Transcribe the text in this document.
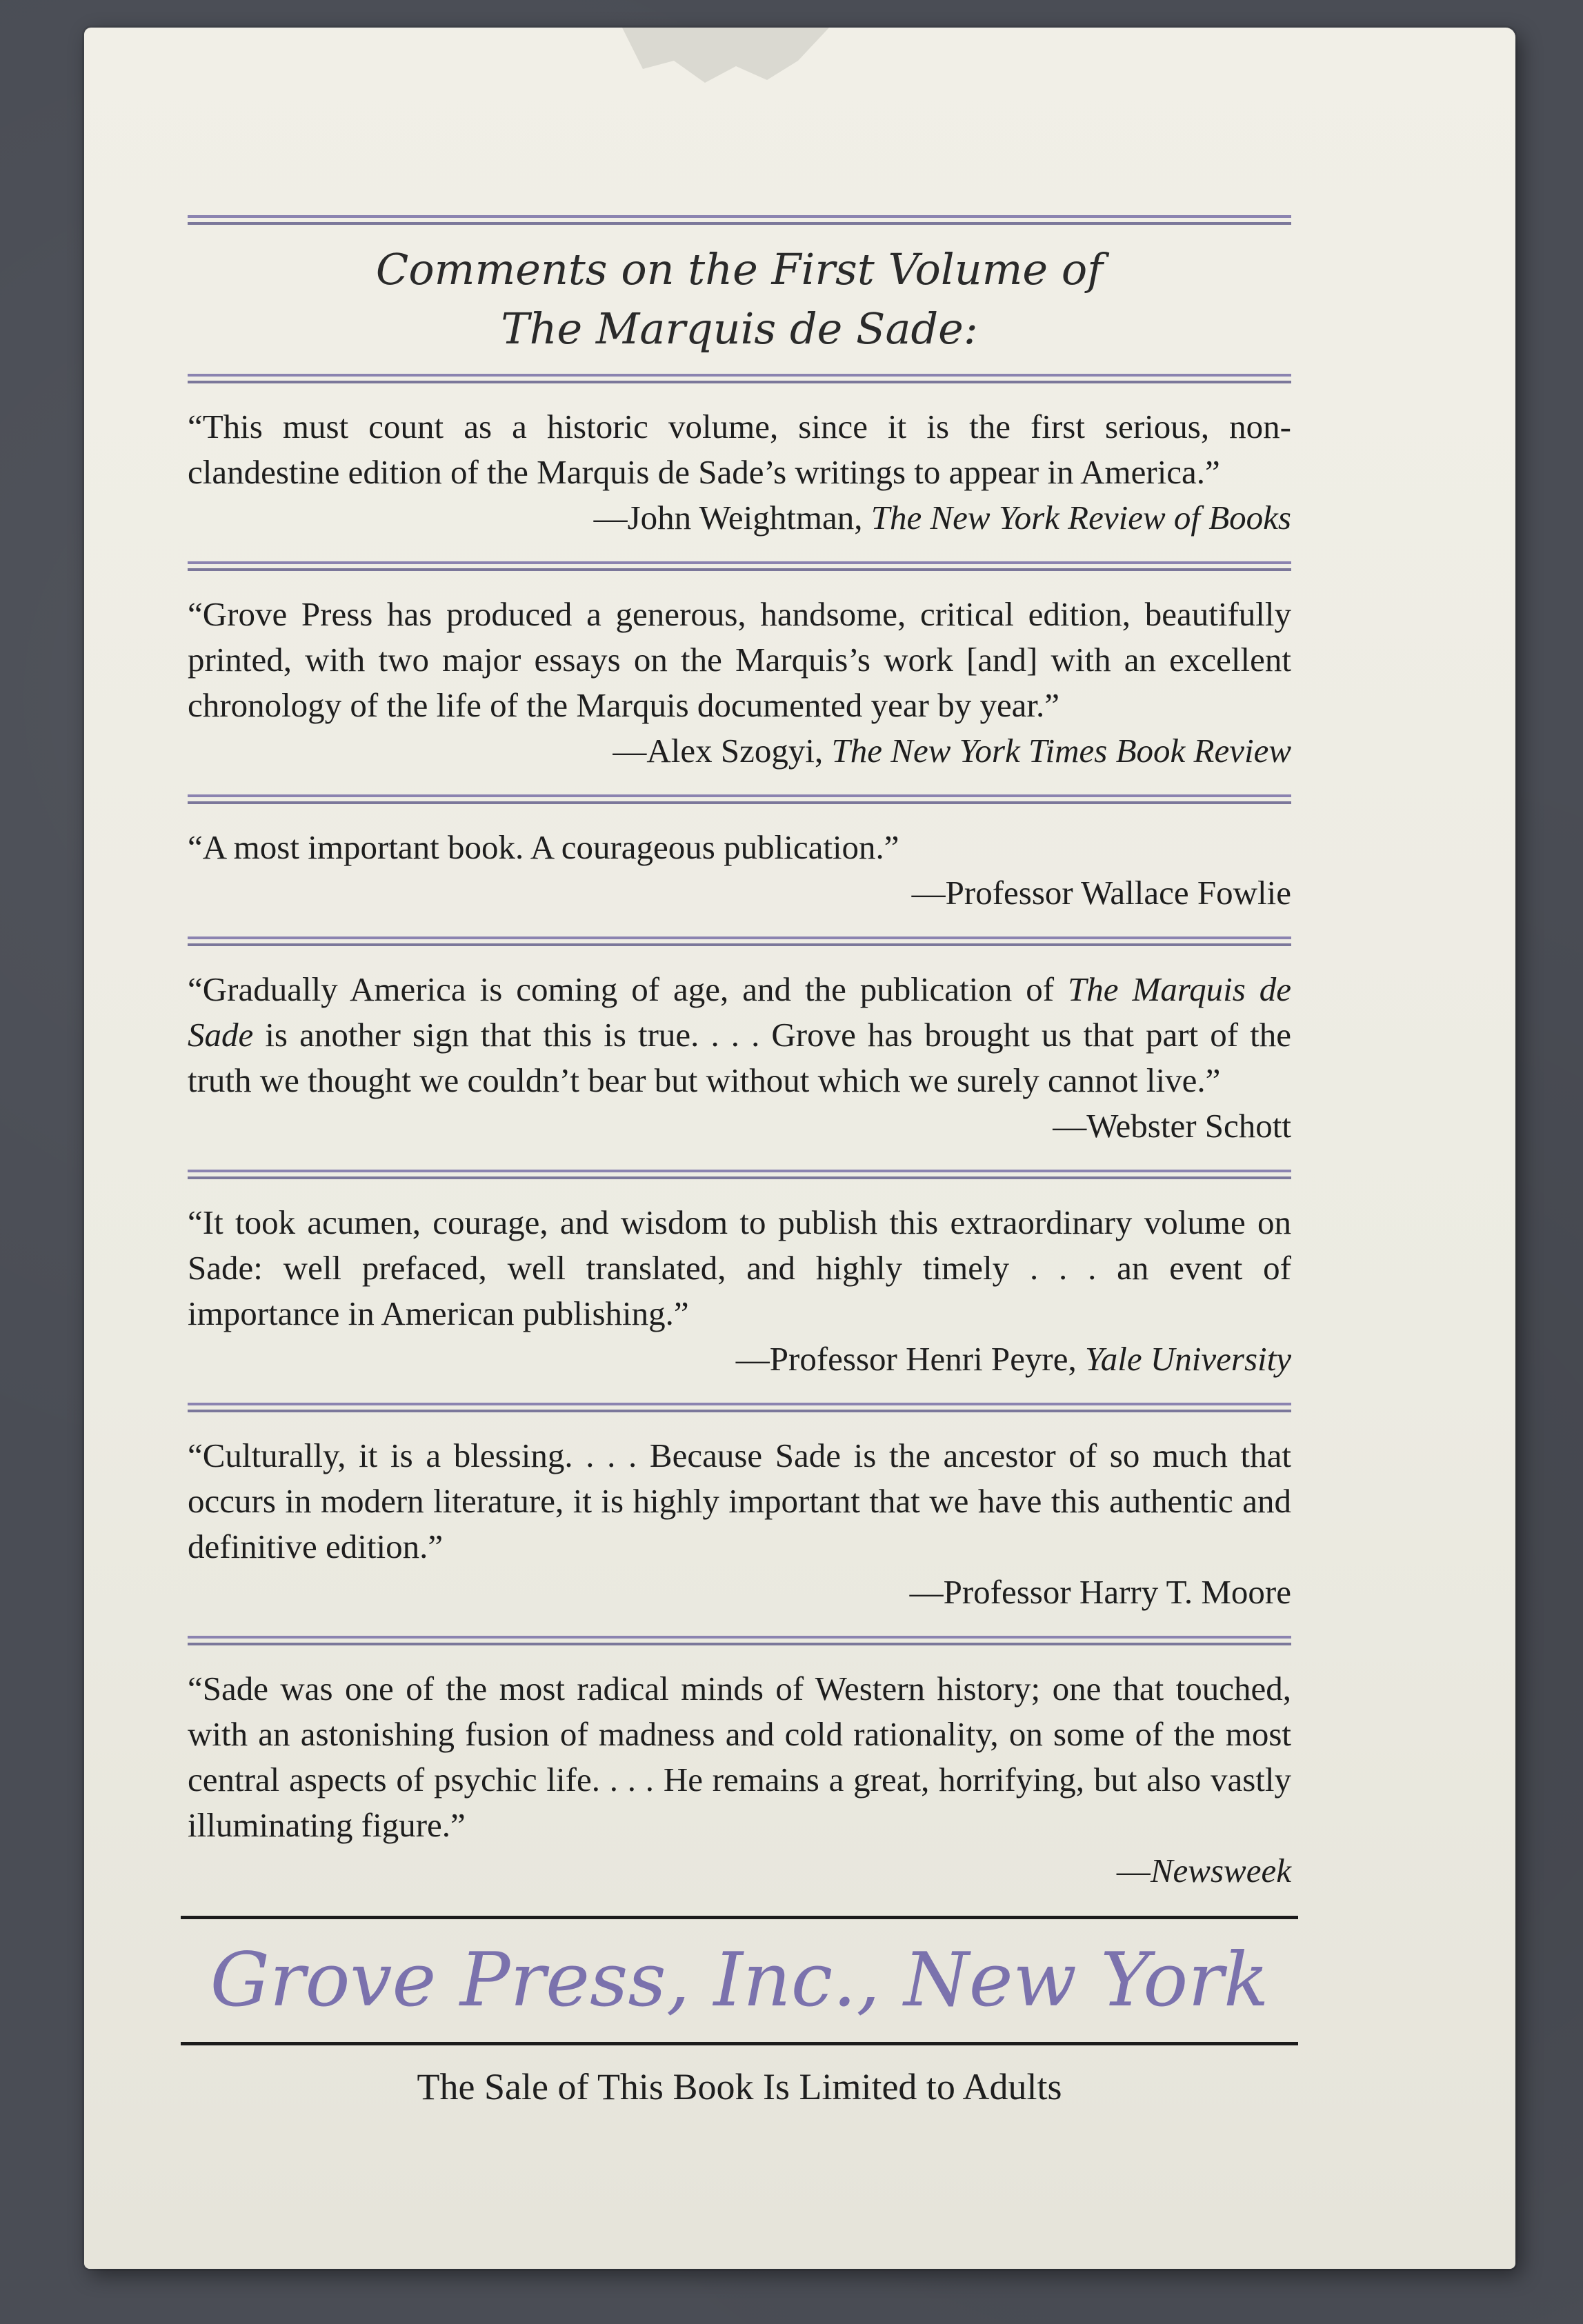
Comments on the First Volume of
The Marquis de Sade:

“This must count as a historic volume, since it is the first serious, non-clandestine edition of the Marquis de Sade’s writings to appear in America.”

—John Weightman, The New York Review of Books

“Grove Press has produced a generous, handsome, critical edition, beautifully printed, with two major essays on the Marquis’s work [and] with an excellent chronology of the life of the Marquis documented year by year.”

—Alex Szogyi, The New York Times Book Review

“A most important book. A courageous publication.”

—Professor Wallace Fowlie

“Gradually America is coming of age, and the publication of The Marquis de Sade is another sign that this is true. . . . Grove has brought us that part of the truth we thought we couldn’t bear but without which we surely cannot live.”

—Webster Schott

“It took acumen, courage, and wisdom to publish this extraordinary volume on Sade: well prefaced, well translated, and highly timely . . . an event of importance in American publishing.”

—Professor Henri Peyre, Yale University

“Culturally, it is a blessing. . . . Because Sade is the ancestor of so much that occurs in modern literature, it is highly important that we have this authentic and definitive edition.”

—Professor Harry T. Moore

“Sade was one of the most radical minds of Western history; one that touched, with an astonishing fusion of madness and cold rationality, on some of the most central aspects of psychic life. . . . He remains a great, horrifying, but also vastly illuminating figure.”

—Newsweek

Grove Press, Inc., New York
The Sale of This Book Is Limited to Adults
